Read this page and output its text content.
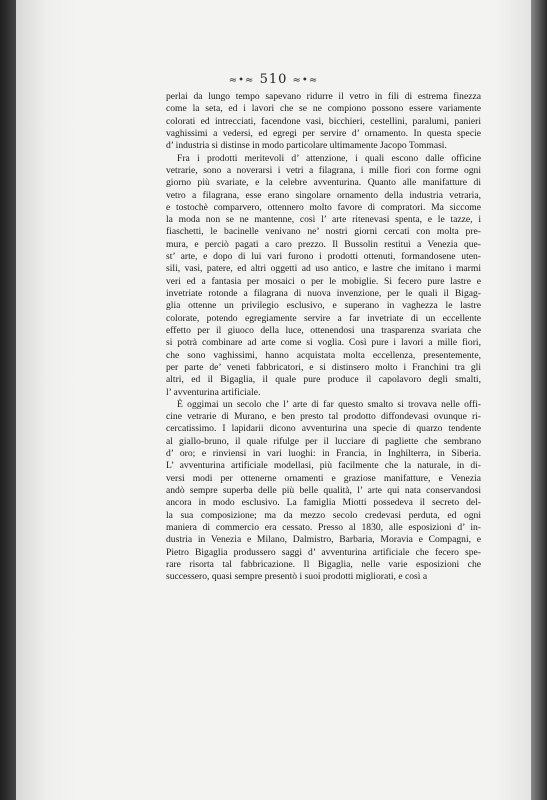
≈•≈ 510 ≈•≈

perlai da lungo tempo sapevano ridurre il vetro in fili di estrema finezza
come la seta, ed i lavori che se ne compiono possono essere variamente
colorati ed intrecciati, facendone vasi, bicchieri, cestellini, paralumi, panieri
vaghissimi a vedersi, ed egregi per servire d’ ornamento. In questa specie
d’ industria si distinse in modo particolare ultimamente Jacopo Tommasi.

Fra i prodotti meritevoli d’ attenzione, i quali escono dalle officine
vetrarie, sono a noverarsi i vetri a filagrana, i mille fiori con forme ogni
giorno più svariate, e la celebre avventurina. Quanto alle manifatture di
vetro a filagrana, esse erano singolare ornamento della industria vetraria,
e tostochè comparvero, ottennero molto favore di compratori. Ma siccome
la moda non se ne mantenne, così l’ arte ritenevasi spenta, e le tazze, i
fiaschetti, le bacinelle venivano ne’ nostri giorni cercati con molta pre-
mura, e perciò pagati a caro prezzo. Il Bussolin restituì a Venezia que-
st’ arte, e dopo di lui vari furono i prodotti ottenuti, formandosene uten-
sili, vasi, patere, ed altri oggetti ad uso antico, e lastre che imitano i marmi
veri ed a fantasia per mosaici o per le mobiglie. Si fecero pure lastre e
invetriate rotonde a filagrana di nuova invenzione, per le quali il Bigag-
glia ottenne un privilegio esclusivo, e superano in vaghezza le lastre
colorate, potendo egregiamente servire a far invetriate di un eccellente
effetto per il giuoco della luce, ottenendosi una trasparenza svariata che
si potrà combinare ad arte come si voglia. Così pure i lavori a mille fiori,
che sono vaghissimi, hanno acquistata molta eccellenza, presentemente,
per parte de’ veneti fabbricatori, e si distinsero molto i Franchini tra gli
altri, ed il Bigaglia, il quale pure produce il capolavoro degli smalti,
l’ avventurina artificiale.

È oggimai un secolo che l’ arte di far questo smalto si trovava nelle offi-
cine vetrarie di Murano, e ben presto tal prodotto diffondevasi ovunque ri-
cercatissimo. I lapidarii dicono avventurina una specie di quarzo tendente
al giallo-bruno, il quale rifulge per il lucciare di pagliette che sembrano
d’ oro; e rinviensi in vari luoghi: in Francia, in Inghilterra, in Siberia.
L’ avventurina artificiale modellasi, più facilmente che la naturale, in di-
versi modi per ottenerne ornamenti e graziose manifatture, e Venezia
andò sempre superba delle più belle qualità, l’ arte qui nata conservandosi
ancora in modo esclusivo. La famiglia Miotti possedeva il secreto del-
la sua composizione; ma da mezzo secolo credevasi perduta, ed ogni
maniera di commercio era cessato. Presso al 1830, alle esposizioni d’ in-
dustria in Venezia e Milano, Dalmistro, Barbaria, Moravia e Compagni, e
Pietro Bigaglia produssero saggi d’ avventurina artificiale che fecero spe-
rare risorta tal fabbricazione. Il Bigaglia, nelle varie esposizioni che
successero, quasi sempre presentò i suoi prodotti migliorati, e così a
